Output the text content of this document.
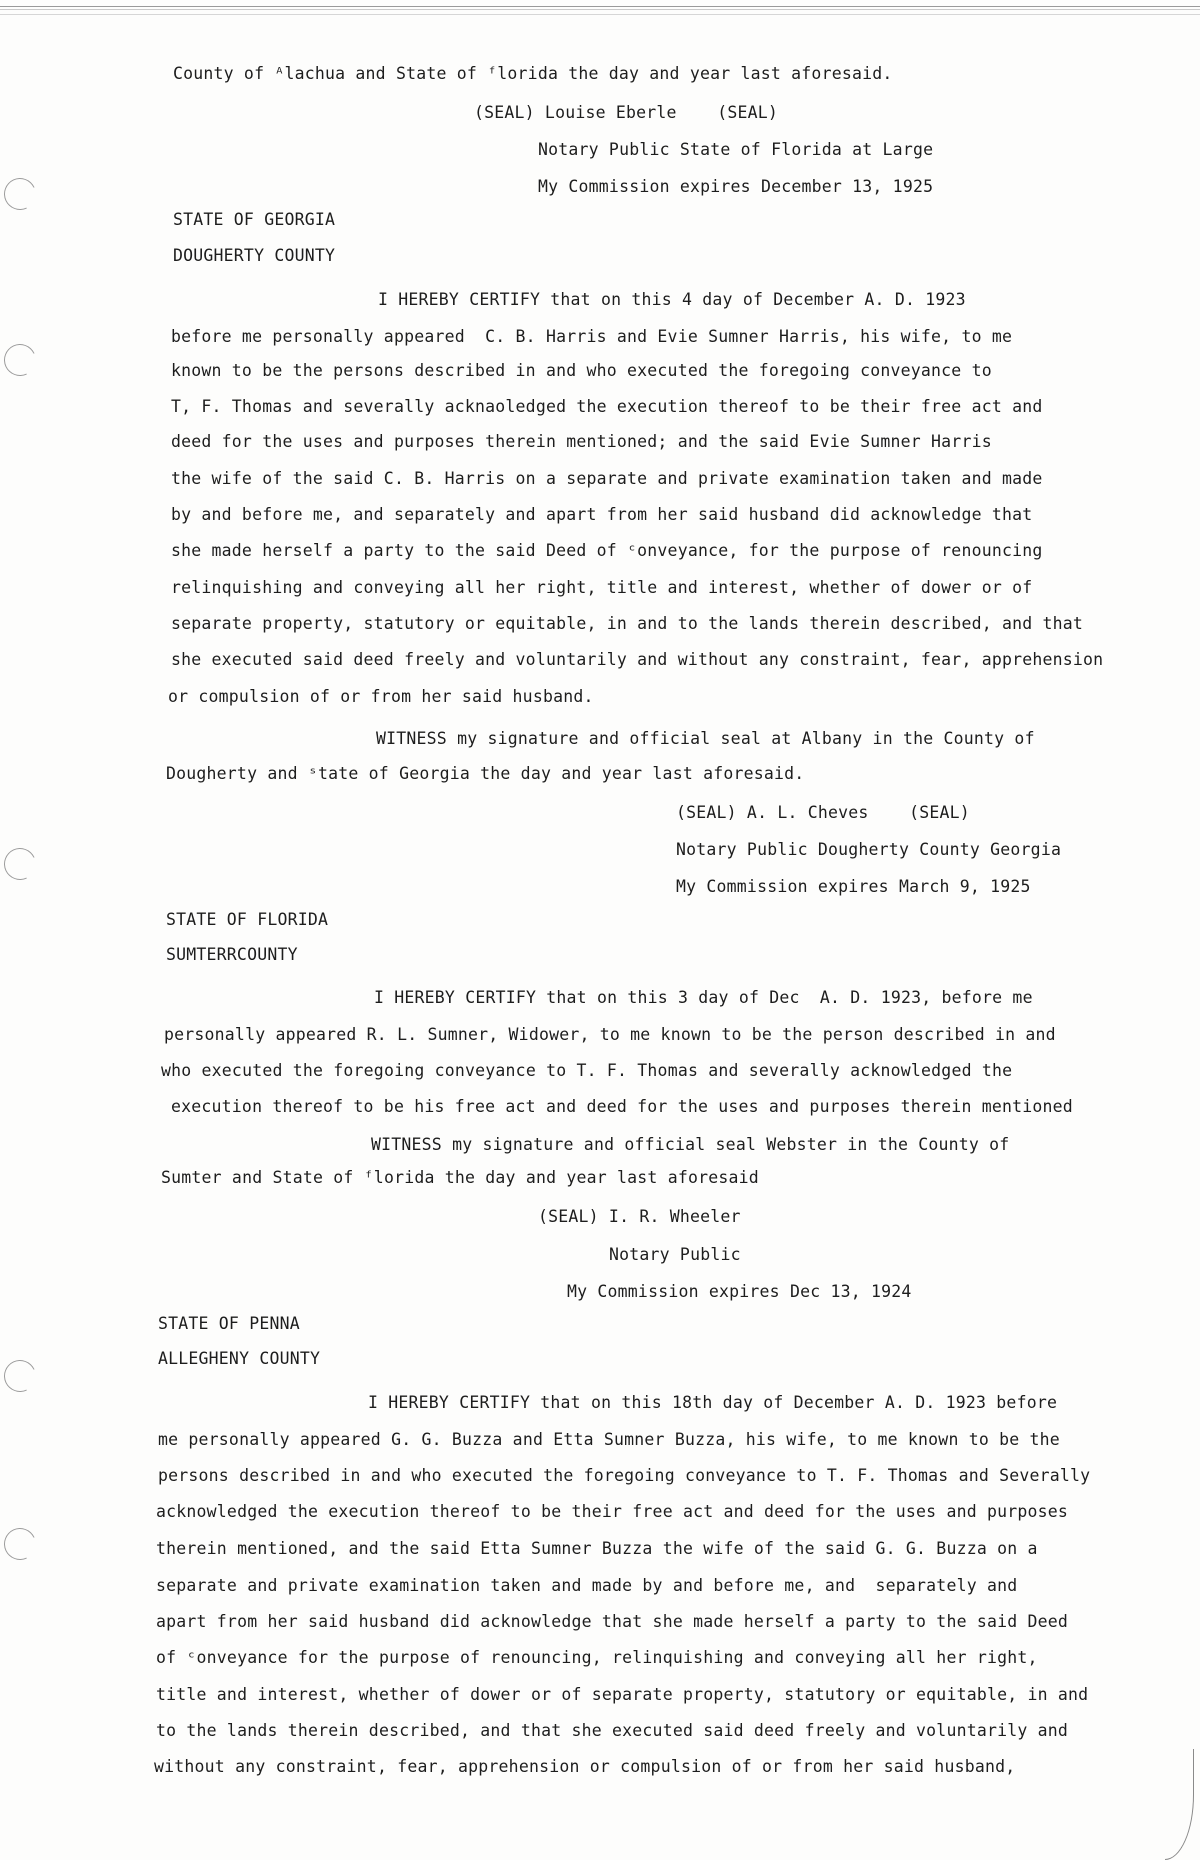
County of ᴬlachua and State of ᶠlorida the day and year last aforesaid.
(SEAL) Louise Eberle    (SEAL)
Notary Public State of Florida at Large
My Commission expires December 13, 1925
STATE OF GEORGIA
DOUGHERTY COUNTY
I HEREBY CERTIFY that on this 4 day of December A. D. 1923
before me personally appeared  C. B. Harris and Evie Sumner Harris, his wife, to me
known to be the persons described in and who executed the foregoing conveyance to
T, F. Thomas and severally acknaoledged the execution thereof to be their free act and
deed for the uses and purposes therein mentioned; and the said Evie Sumner Harris
the wife of the said C. B. Harris on a separate and private examination taken and made
by and before me, and separately and apart from her said husband did acknowledge that
she made herself a party to the said Deed of ᶜonveyance, for the purpose of renouncing
relinquishing and conveying all her right, title and interest, whether of dower or of
separate property, statutory or equitable, in and to the lands therein described, and that
she executed said deed freely and voluntarily and without any constraint, fear, apprehension
or compulsion of or from her said husband.
WITNESS my signature and official seal at Albany in the County of
Dougherty and ˢtate of Georgia the day and year last aforesaid.
(SEAL) A. L. Cheves    (SEAL)
Notary Public Dougherty County Georgia
My Commission expires March 9, 1925
STATE OF FLORIDA
SUMTERRCOUNTY
I HEREBY CERTIFY that on this 3 day of Dec  A. D. 1923, before me
personally appeared R. L. Sumner, Widower, to me known to be the person described in and
who executed the foregoing conveyance to T. F. Thomas and severally acknowledged the
execution thereof to be his free act and deed for the uses and purposes therein mentioned
WITNESS my signature and official seal Webster in the County of
Sumter and State of ᶠlorida the day and year last aforesaid
(SEAL) I. R. Wheeler
Notary Public
My Commission expires Dec 13, 1924
STATE OF PENNA
ALLEGHENY COUNTY
I HEREBY CERTIFY that on this 18th day of December A. D. 1923 before
me personally appeared G. G. Buzza and Etta Sumner Buzza, his wife, to me known to be the
persons described in and who executed the foregoing conveyance to T. F. Thomas and Severally
acknowledged the execution thereof to be their free act and deed for the uses and purposes
therein mentioned, and the said Etta Sumner Buzza the wife of the said G. G. Buzza on a
separate and private examination taken and made by and before me, and  separately and
apart from her said husband did acknowledge that she made herself a party to the said Deed
of ᶜonveyance for the purpose of renouncing, relinquishing and conveying all her right,
title and interest, whether of dower or of separate property, statutory or equitable, in and
to the lands therein described, and that she executed said deed freely and voluntarily and
without any constraint, fear, apprehension or compulsion of or from her said husband,
